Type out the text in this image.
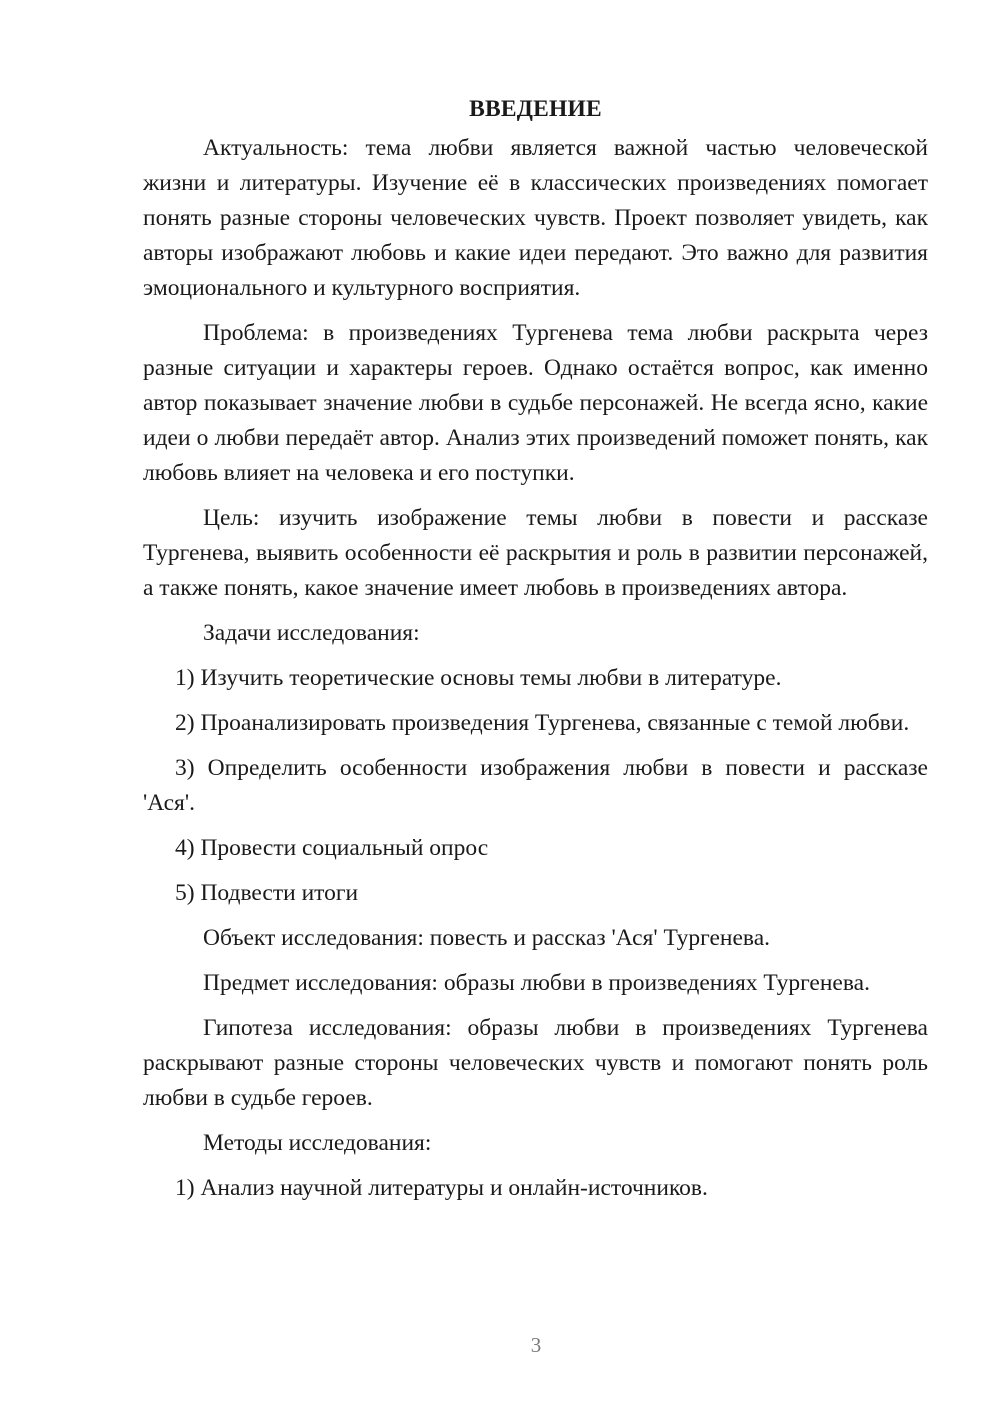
ВВЕДЕНИЕ

Актуальность: тема любви является важной частью человеческой жизни и литературы. Изучение её в классических произведениях помогает понять разные стороны человеческих чувств. Проект позволяет увидеть, как авторы изображают любовь и какие идеи передают. Это важно для развития эмоционального и культурного восприятия.

Проблема: в произведениях Тургенева тема любви раскрыта через разные ситуации и характеры героев. Однако остаётся вопрос, как именно автор показывает значение любви в судьбе персонажей. Не всегда ясно, какие идеи о любви передаёт автор. Анализ этих произведений поможет понять, как любовь влияет на человека и его поступки.

Цель: изучить изображение темы любви в повести и рассказе Тургенева, выявить особенности её раскрытия и роль в развитии персонажей, а также понять, какое значение имеет любовь в произведениях автора.

Задачи исследования:

1) Изучить теоретические основы темы любви в литературе.

2) Проанализировать произведения Тургенева, связанные с темой любви.

3) Определить особенности изображения любви в повести и рассказе 'Ася'.

4) Провести социальный опрос

5) Подвести итоги

Объект исследования: повесть и рассказ 'Ася' Тургенева.

Предмет исследования: образы любви в произведениях Тургенева.

Гипотеза исследования: образы любви в произведениях Тургенева раскрывают разные стороны человеческих чувств и помогают понять роль любви в судьбе героев.

Методы исследования:

1) Анализ научной литературы и онлайн-источников.

3
